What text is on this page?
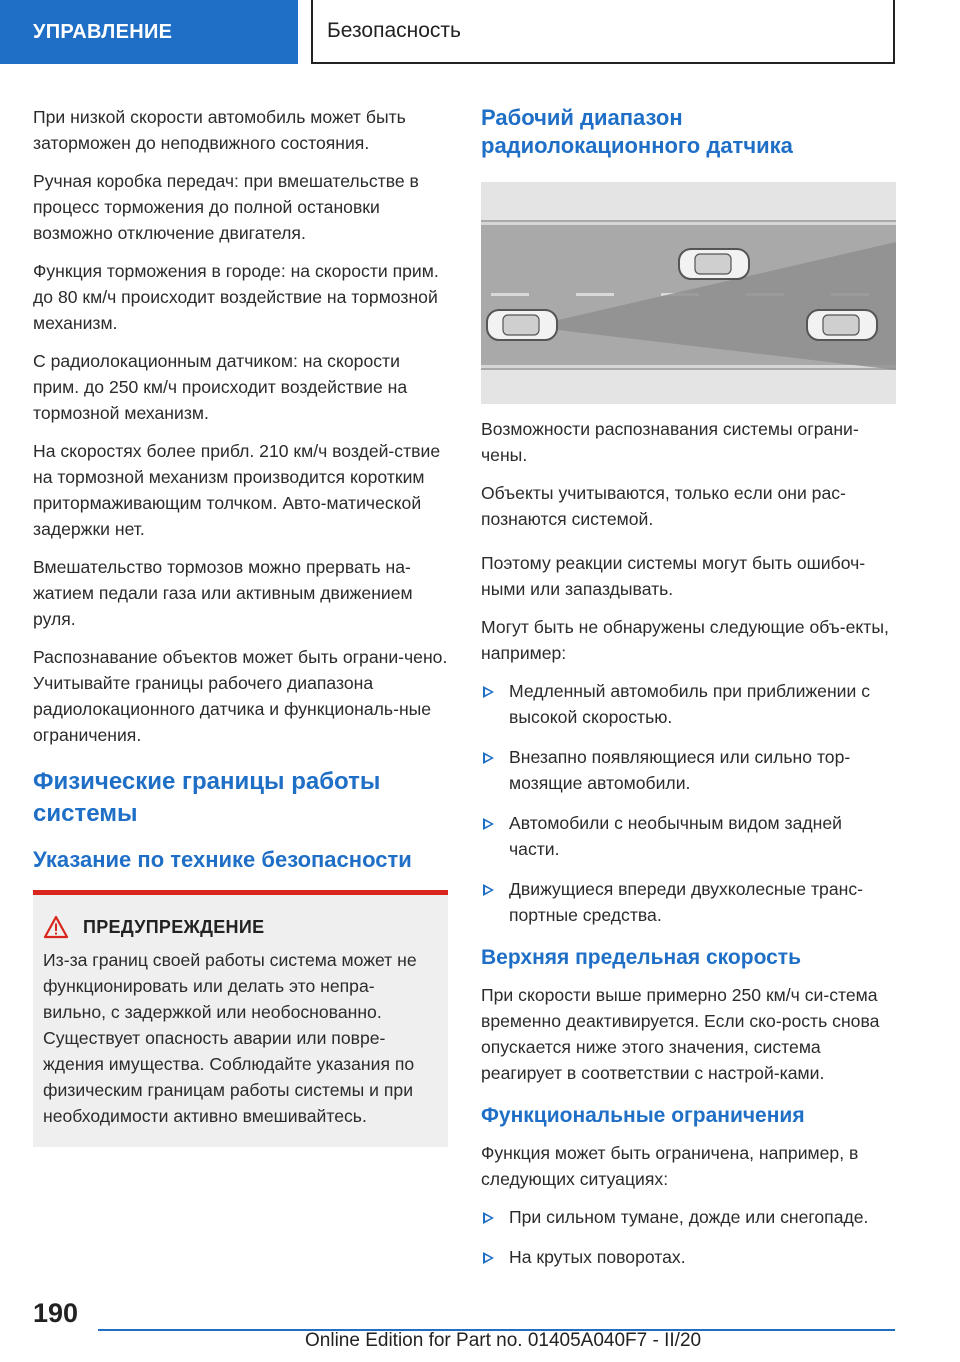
УПРАВЛЕНИЕ	Безопасность

При низкой скорости автомобиль может быть заторможен до неподвижного состояния.

Ручная коробка передач: при вмешательстве в процесс торможения до полной остановки возможно отключение двигателя.

Функция торможения в городе: на скорости прим. до 80 км/ч происходит воздействие на тормозной механизм.

С радиолокационным датчиком: на скорости прим. до 250 км/ч происходит воздействие на тормозной механизм.

На скоростях более прибл. 210 км/ч воздей-ствие на тормозной механизм производится коротким притормаживающим толчком. Авто-матической задержки нет.

Вмешательство тормозов можно прервать на-жатием педали газа или активным движением руля.

Распознавание объектов может быть ограни-чено. Учитывайте границы рабочего диапазона радиолокационного датчика и функциональ-ные ограничения.

Физические границы работы системы
Указание по технике безопасности
ПРЕДУПРЕЖДЕНИЕ

Из-за границ своей работы система может не функционировать или делать это непра-вильно, с задержкой или необоснованно. Существует опасность аварии или повре-ждения имущества. Соблюдайте указания по физическим границам работы системы и при необходимости активно вмешивайтесь.

Рабочий диапазон радиолокационного датчика

Возможности распознавания системы ограни-чены.

Объекты учитываются, только если они рас-познаются системой.

Поэтому реакции системы могут быть ошибоч-ными или запаздывать.

Могут быть не обнаружены следующие объ-екты, например:

Медленный автомобиль при приближении с высокой скоростью.
Внезапно появляющиеся или сильно тор-мозящие автомобили.
Автомобили с необычным видом задней части.
Движущиеся впереди двухколесные транс-портные средства.
Верхняя предельная скорость

При скорости выше примерно 250 км/ч си-стема временно деактивируется. Если ско-рость снова опускается ниже этого значения, система реагирует в соответствии с настрой-ками.

Функциональные ограничения

Функция может быть ограничена, например, в следующих ситуациях:

При сильном тумане, дожде или снегопаде.
На крутых поворотах.
190
Online Edition for Part no. 01405A040F7 - II/20
